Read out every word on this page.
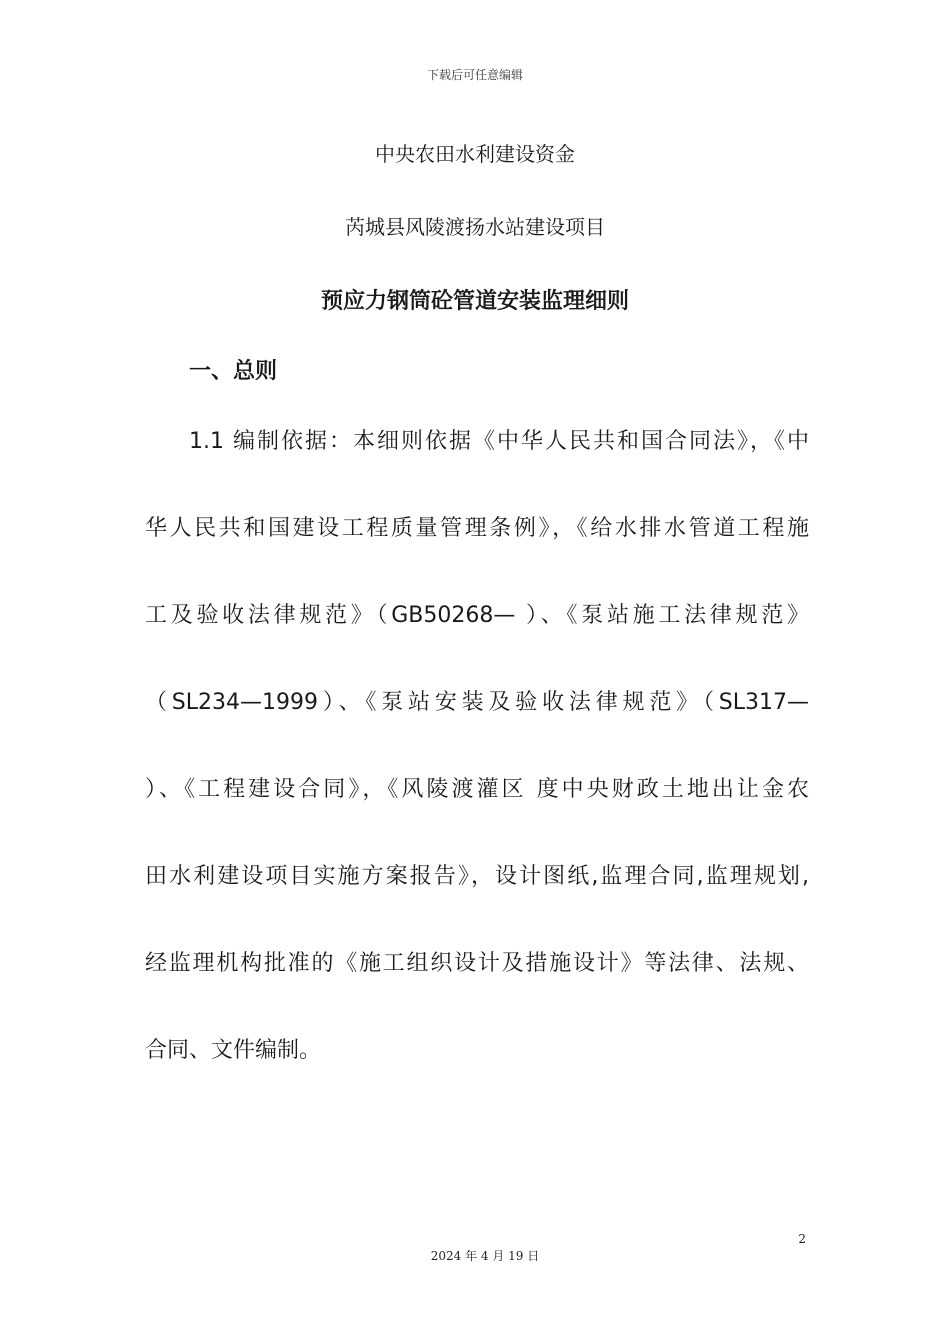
下载后可任意编辑
中央农田水利建设资金
芮城县风陵渡扬水站建设项目
预应力钢筒砼管道安装监理细则
一、总则
1.1 编制依据：本细则依据《中华人民共和国合同法》，《中
华人民共和国建设工程质量管理条例》，《给水排水管道工程施
工及验收法律规范》（GB50268— ）、《泵站施工法律规范》
（SL234—1999）、《泵站安装及验收法律规范》（SL317—
）、《工程建设合同》，《风陵渡灌区 度中央财政土地出让金农
田水利建设项目实施方案报告》，设计图纸,监理合同,监理规划,
经监理机构批准的《施工组织设计及措施设计》等法律、法规、
合同、文件编制。
2
2024 年 4 月 19 日
